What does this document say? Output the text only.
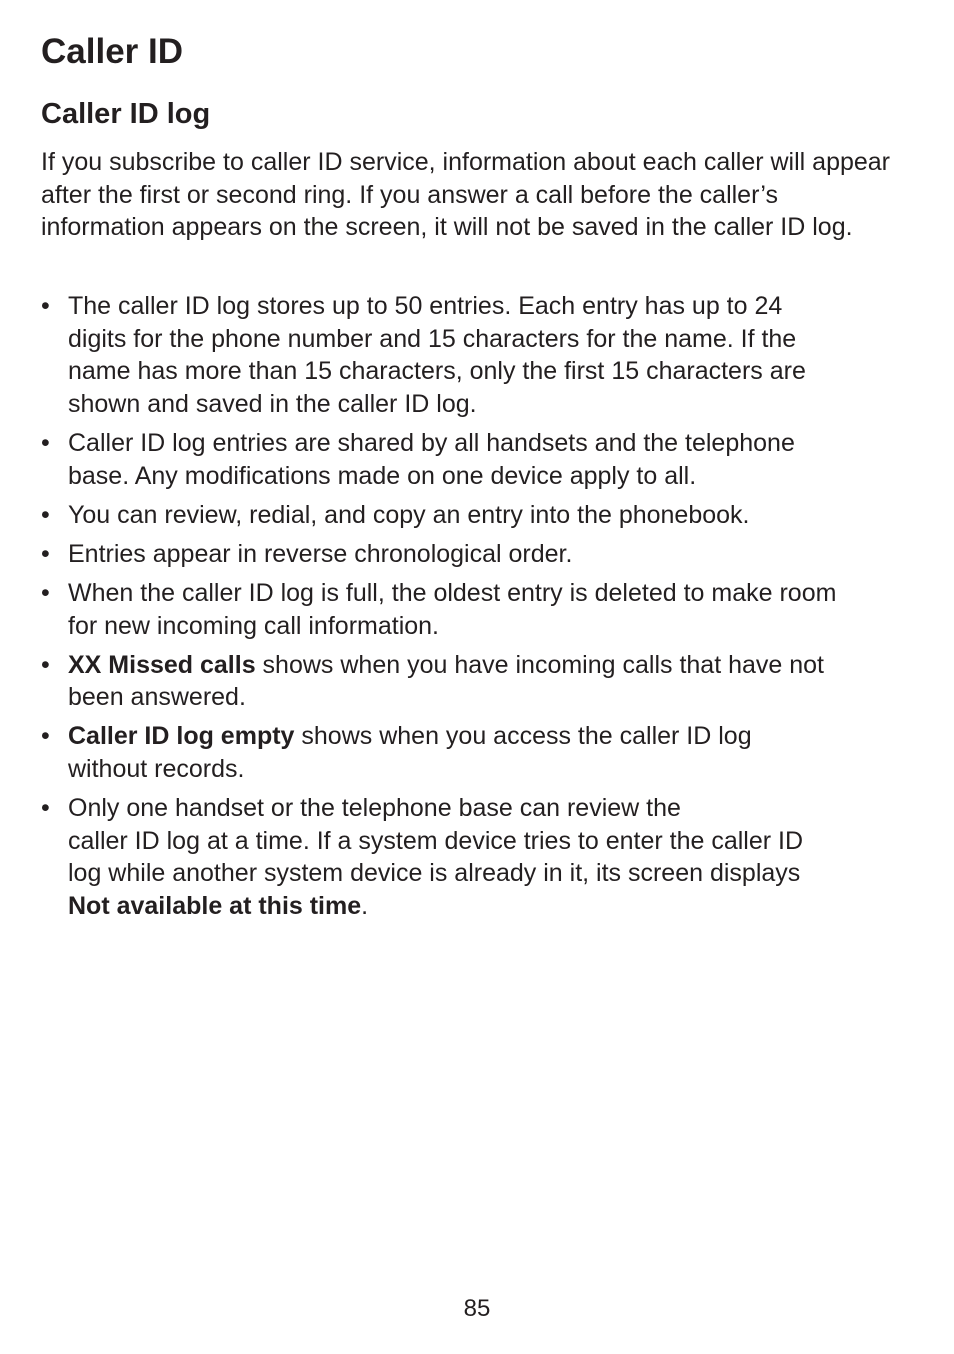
Caller ID
Caller ID log

If you subscribe to caller ID service, information about each caller will appear after the first or second ring. If you answer a call before the caller’s information appears on the screen, it will not be saved in the caller ID log.

• The caller ID log stores up to 50 entries. Each entry has up to 24
digits for the phone number and 15 characters for the name. If the
name has more than 15 characters, only the first 15 characters are
shown and saved in the caller ID log.
• Caller ID log entries are shared by all handsets and the telephone
base. Any modifications made on one device apply to all.
• You can review, redial, and copy an entry into the phonebook.
• Entries appear in reverse chronological order.
• When the caller ID log is full, the oldest entry is deleted to make room
for new incoming call information.
• XX Missed calls shows when you have incoming calls that have not
been answered.
• Caller ID log empty shows when you access the caller ID log
without records.
• Only one handset or the telephone base can review the
caller ID log at a time. If a system device tries to enter the caller ID
log while another system device is already in it, its screen displays
Not available at this time.
85
